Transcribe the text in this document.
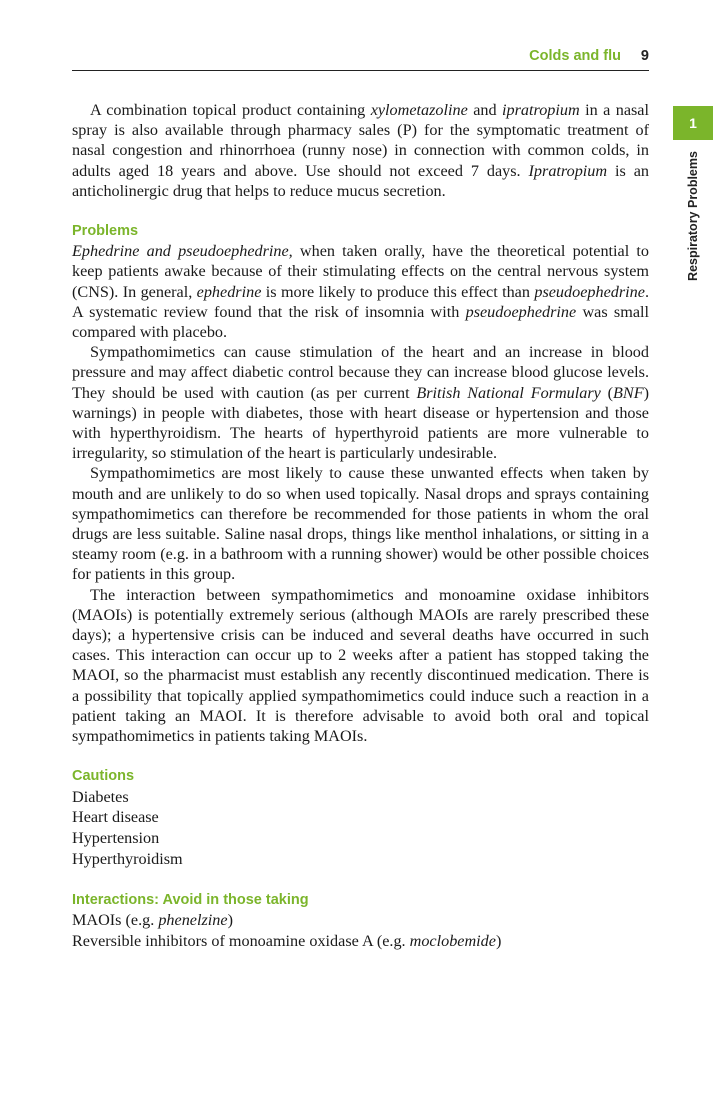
Colds and flu 9
1
Respiratory Problems

A combination topical product containing xylometazoline and ipratropium in a nasal spray is also available through pharmacy sales (P) for the symptomatic treatment of nasal congestion and rhinorrhoea (runny nose) in connection with common colds, in adults aged 18 years and above. Use should not exceed 7 days. Ipratropium is an anticholinergic drug that helps to reduce mucus secretion.

Problems

Ephedrine and pseudoephedrine, when taken orally, have the theoretical potential to keep patients awake because of their stimulating effects on the central nervous system (CNS). In general, ephedrine is more likely to produce this effect than pseudoephedrine. A systematic review found that the risk of insomnia with pseudoephedrine was small compared with placebo.

Sympathomimetics can cause stimulation of the heart and an increase in blood pressure and may affect diabetic control because they can increase blood glucose levels. They should be used with caution (as per current British National Formulary (BNF) warnings) in people with diabetes, those with heart disease or hypertension and those with hyperthyroidism. The hearts of hyperthyroid patients are more vulnerable to irregularity, so stimulation of the heart is particularly undesirable.

Sympathomimetics are most likely to cause these unwanted effects when taken by mouth and are unlikely to do so when used topically. Nasal drops and sprays containing sympathomimetics can therefore be recommended for those patients in whom the oral drugs are less suitable. Saline nasal drops, things like menthol inhalations, or sitting in a steamy room (e.g. in a bathroom with a running shower) would be other possible choices for patients in this group.

The interaction between sympathomimetics and monoamine oxidase inhibitors (MAOIs) is potentially extremely serious (although MAOIs are rarely prescribed these days); a hypertensive crisis can be induced and several deaths have occurred in such cases. This interaction can occur up to 2 weeks after a patient has stopped taking the MAOI, so the pharmacist must establish any recently discontinued medication. There is a possibility that topically applied sympathomimetics could induce such a reaction in a patient taking an MAOI. It is therefore advisable to avoid both oral and topical sympathomimetics in patients taking MAOIs.

Cautions
Diabetes
Heart disease
Hypertension
Hyperthyroidism
Interactions: Avoid in those taking
MAOIs (e.g. phenelzine)
Reversible inhibitors of monoamine oxidase A (e.g. moclobemide)
